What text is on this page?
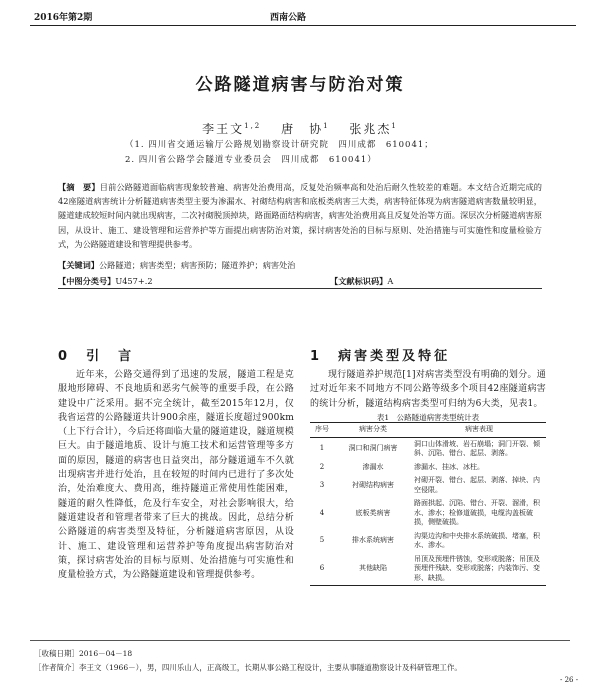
2016年第2期	西南公路
公路隧道病害与防治对策
李王文$^{1,2}$　 唐　协$^1$　 张兆杰$^1$
（1. 四川省交通运输厅公路规划勘察设计研究院　四川成都　610041；
2. 四川省公路学会隧道专业委员会　四川成都　610041）
【摘　要】目前公路隧道面临病害现象较普遍、病害处治费用高，反复处治频率高和处治后耐久性较差的难题。本文结合近期完成的42座隧道病害统计分析隧道病害类型主要为渗漏水、衬砌结构病害和底板类病害三大类，病害特征体现为病害隧道病害数量较明显，隧道建成较短时间内就出现病害，二次衬砌脱顶掉块，路面路面结构病害，病害处治费用高且反复处治等方面。深层次分析隧道病害原因，从设计、施工、建设管理和运营养护等方面提出病害防治对策，探讨病害处治的目标与原则、处治措施与可实施性和度量检验方式，为公路隧道建设和管理提供参考。
【关键词】公路隧道；病害类型；病害预防；隧道养护；病害处治
【中图分类号】U457+.2	【文献标识码】A
0　 引　言

近年来，公路交通得到了迅速的发展，隧道工程是克服地形障碍、不良地质和恶劣气候等的重要手段，在公路建设中广泛采用。据不完全统计，截至2015年12月，仅我省运营的公路隧道共计900余座，隧道长度超过900km（上下行合计），今后还将面临大量的隧道建设，隧道规模巨大。由于隧道地质、设计与施工技术和运营管理等多方面的原因，隧道的病害也日益突出，部分隧道通车不久就出现病害并进行处治，且在较短的时间内已进行了多次处治，处治难度大、费用高，维持隧道正常使用性能困难，隧道的耐久性降低，危及行车安全，对社会影响很大，给隧道建设者和管理者带来了巨大的挑战。因此，总结分析公路隧道的病害类型及特征，分析隧道病害原因，从设计、施工、建设管理和运营养护等角度提出病害防治对策，探讨病害处治的目标与原则、处治措施与可实施性和度量检验方式，为公路隧道建设和管理提供参考。

1　 病害类型及特征

现行隧道养护规范[1]对病害类型没有明确的划分。通过对近年来不同地方不同公路等级多个项目42座隧道病害的统计分析，隧道结构病害类型可归纳为6大类，见表1。

表1　公路隧道病害类型统计表
序号	病害分类	病害表现
1	洞口和洞门病害	洞口山体滑坡、岩石崩塌；洞门开裂、倾斜、沉陷、错台、起层、剥落。
2	渗漏水	渗漏水、挂冰、冰柱。
3	衬砌结构病害	衬砌开裂、错台、起层、剥落、掉块、内空侵限。
4	底板类病害	路面拱起、沉陷、错台、开裂、溜滑，积水、渗水；检修道破损，电缆沟盖板破损，侧壁破损。
5	排水系统病害	沟渠边沟和中央排水系统破损、堵塞，积水、渗水。
6	其他缺陷	吊顶及预埋件锈蚀，变形或脱落；吊顶及预埋件残缺、变形或脱落；内装饰污、变形、缺损。
［收稿日期］2016－04－18
［作者简介］李王文（1966－），男，四川乐山人，正高级工，长期从事公路工程设计，主要从事隧道勘察设计及科研管理工作。
- 26 -
